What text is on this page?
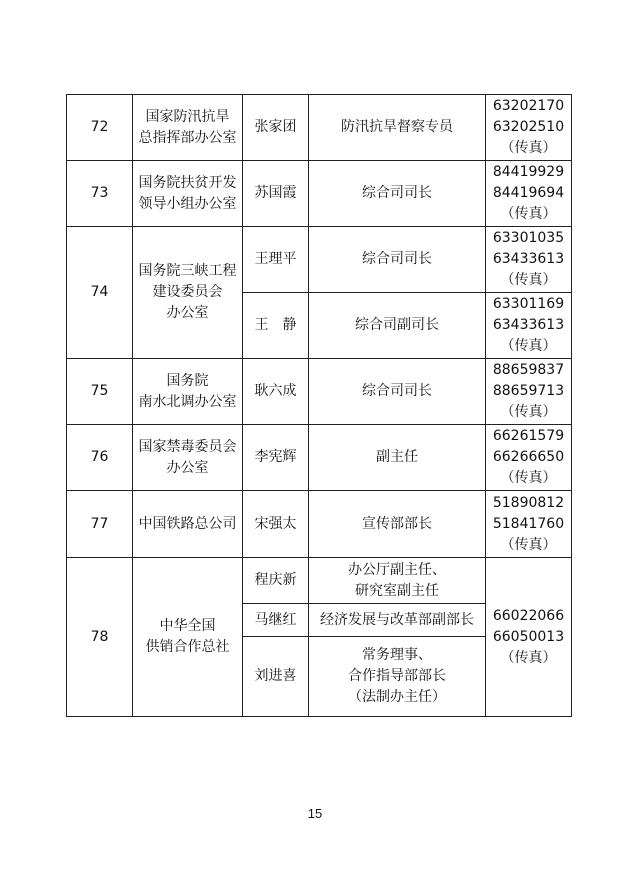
72	国家防汛抗旱
总指挥部办公室	张家团	防汛抗旱督察专员	63202170
63202510
（传真）

73	国务院扶贫开发
领导小组办公室	苏国霞	综合司司长	84419929
84419694
（传真）

74	国务院三峡工程
建设委员会
办公室	王理平	综合司司长	63301035
63433613
（传真）

		王　静	综合司副司长	63301169
63433613
（传真）

75	国务院
南水北调办公室	耿六成	综合司司长	88659837
88659713
（传真）

76	国家禁毒委员会
办公室	李宪辉	副主任	66261579
66266650
（传真）

77	中国铁路总公司	宋强太	宣传部部长	51890812
51841760
（传真）

78	中华全国
供销合作总社	程庆新	办公厅副主任、
研究室副主任	66022066
66050013
（传真）

		马继红	经济发展与改革部副部长	

		刘进喜	常务理事、
合作指导部部长
（法制办主任）	
15
